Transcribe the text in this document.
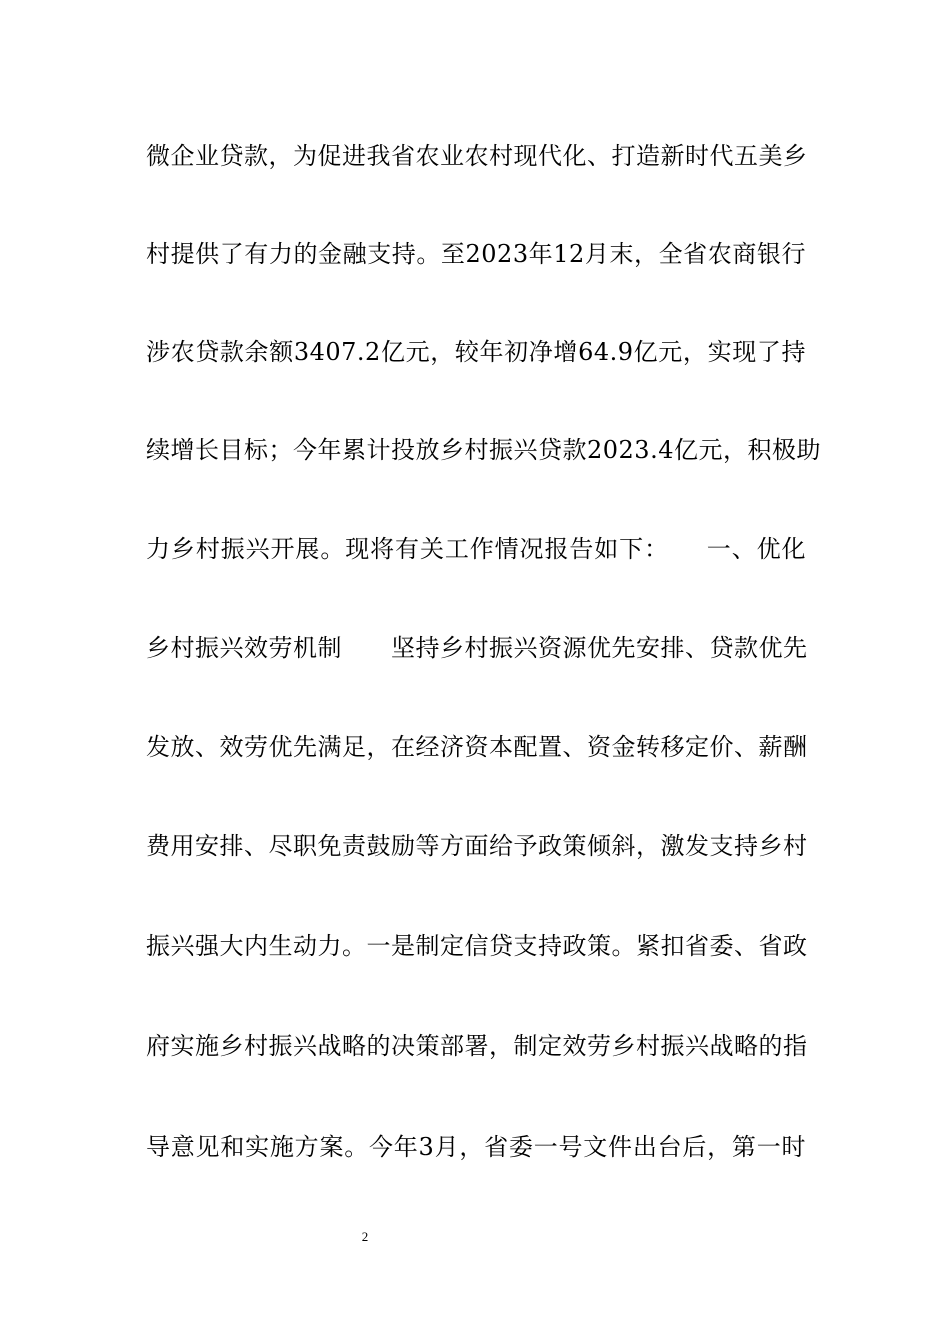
微企业贷款，为促进我省农业农村现代化、打造新时代五美乡
村提供了有力的金融支持。至2023年12月末，全省农商银行
涉农贷款余额3407.2亿元，较年初净增64.9亿元，实现了持
续增长目标；今年累计投放乡村振兴贷款2023.4亿元，积极助
力乡村振兴开展。现将有关工作情况报告如下：　　一、优化
乡村振兴效劳机制　　坚持乡村振兴资源优先安排、贷款优先
发放、效劳优先满足，在经济资本配置、资金转移定价、薪酬
费用安排、尽职免责鼓励等方面给予政策倾斜，激发支持乡村
振兴强大内生动力。一是制定信贷支持政策。紧扣省委、省政
府实施乡村振兴战略的决策部署，制定效劳乡村振兴战略的指
导意见和实施方案。今年3月，省委一号文件出台后，第一时
2
